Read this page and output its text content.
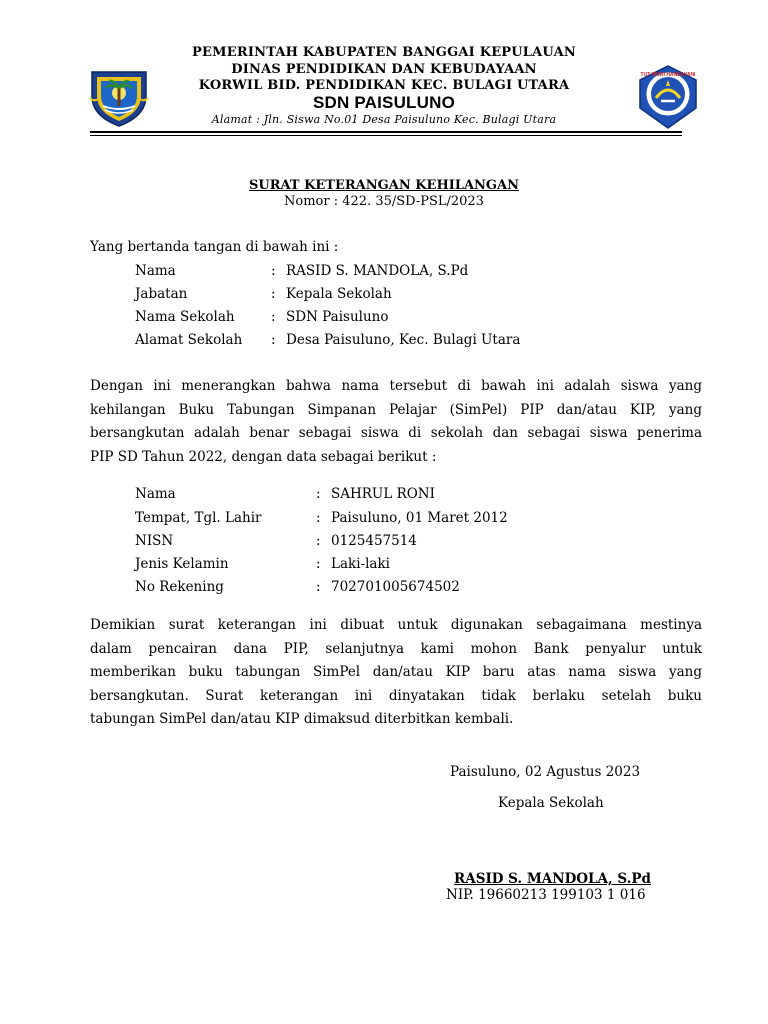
TUT WURI HANDAYANI
PEMERINTAH KABUPATEN BANGGAI KEPULAUAN
DINAS PENDIDIKAN DAN KEBUDAYAAN
KORWIL BID. PENDIDIKAN KEC. BULAGI UTARA
SDN PAISULUNO
Alamat : Jln. Siswa No.01 Desa Paisuluno Kec. Bulagi Utara
SURAT KETERANGAN KEHILANGAN
Nomor : 422. 35/SD-PSL/2023
Yang bertanda tangan di bawah ini :
Nama	: RASID S. MANDOLA, S.Pd
Jabatan	: Kepala Sekolah
Nama Sekolah	: SDN Paisuluno
Alamat Sekolah : Desa Paisuluno, Kec. Bulagi Utara
Dengan ini menerangkan bahwa nama tersebut di bawah ini adalah siswa yang
kehilangan Buku Tabungan Simpanan Pelajar (SimPel) PIP dan/atau KIP, yang
bersangkutan adalah benar sebagai siswa di sekolah dan sebagai siswa penerima
PIP SD Tahun 2022, dengan data sebagai berikut :
Nama	: SAHRUL RONI
Tempat, Tgl. Lahir	: Paisuluno, 01 Maret 2012
NISN	: 0125457514
Jenis Kelamin	: Laki-laki
No Rekening	: 702701005674502
Demikian surat keterangan ini dibuat untuk digunakan sebagaimana mestinya
dalam pencairan dana PIP, selanjutnya kami mohon Bank penyalur untuk
memberikan buku tabungan SimPel dan/atau KIP baru atas nama siswa yang
bersangkutan. Surat keterangan ini dinyatakan tidak berlaku setelah buku
tabungan SimPel dan/atau KIP dimaksud diterbitkan kembali.
Paisuluno, 02 Agustus 2023
Kepala Sekolah
RASID S. MANDOLA, S.Pd
NIP. 19660213 199103 1 016
